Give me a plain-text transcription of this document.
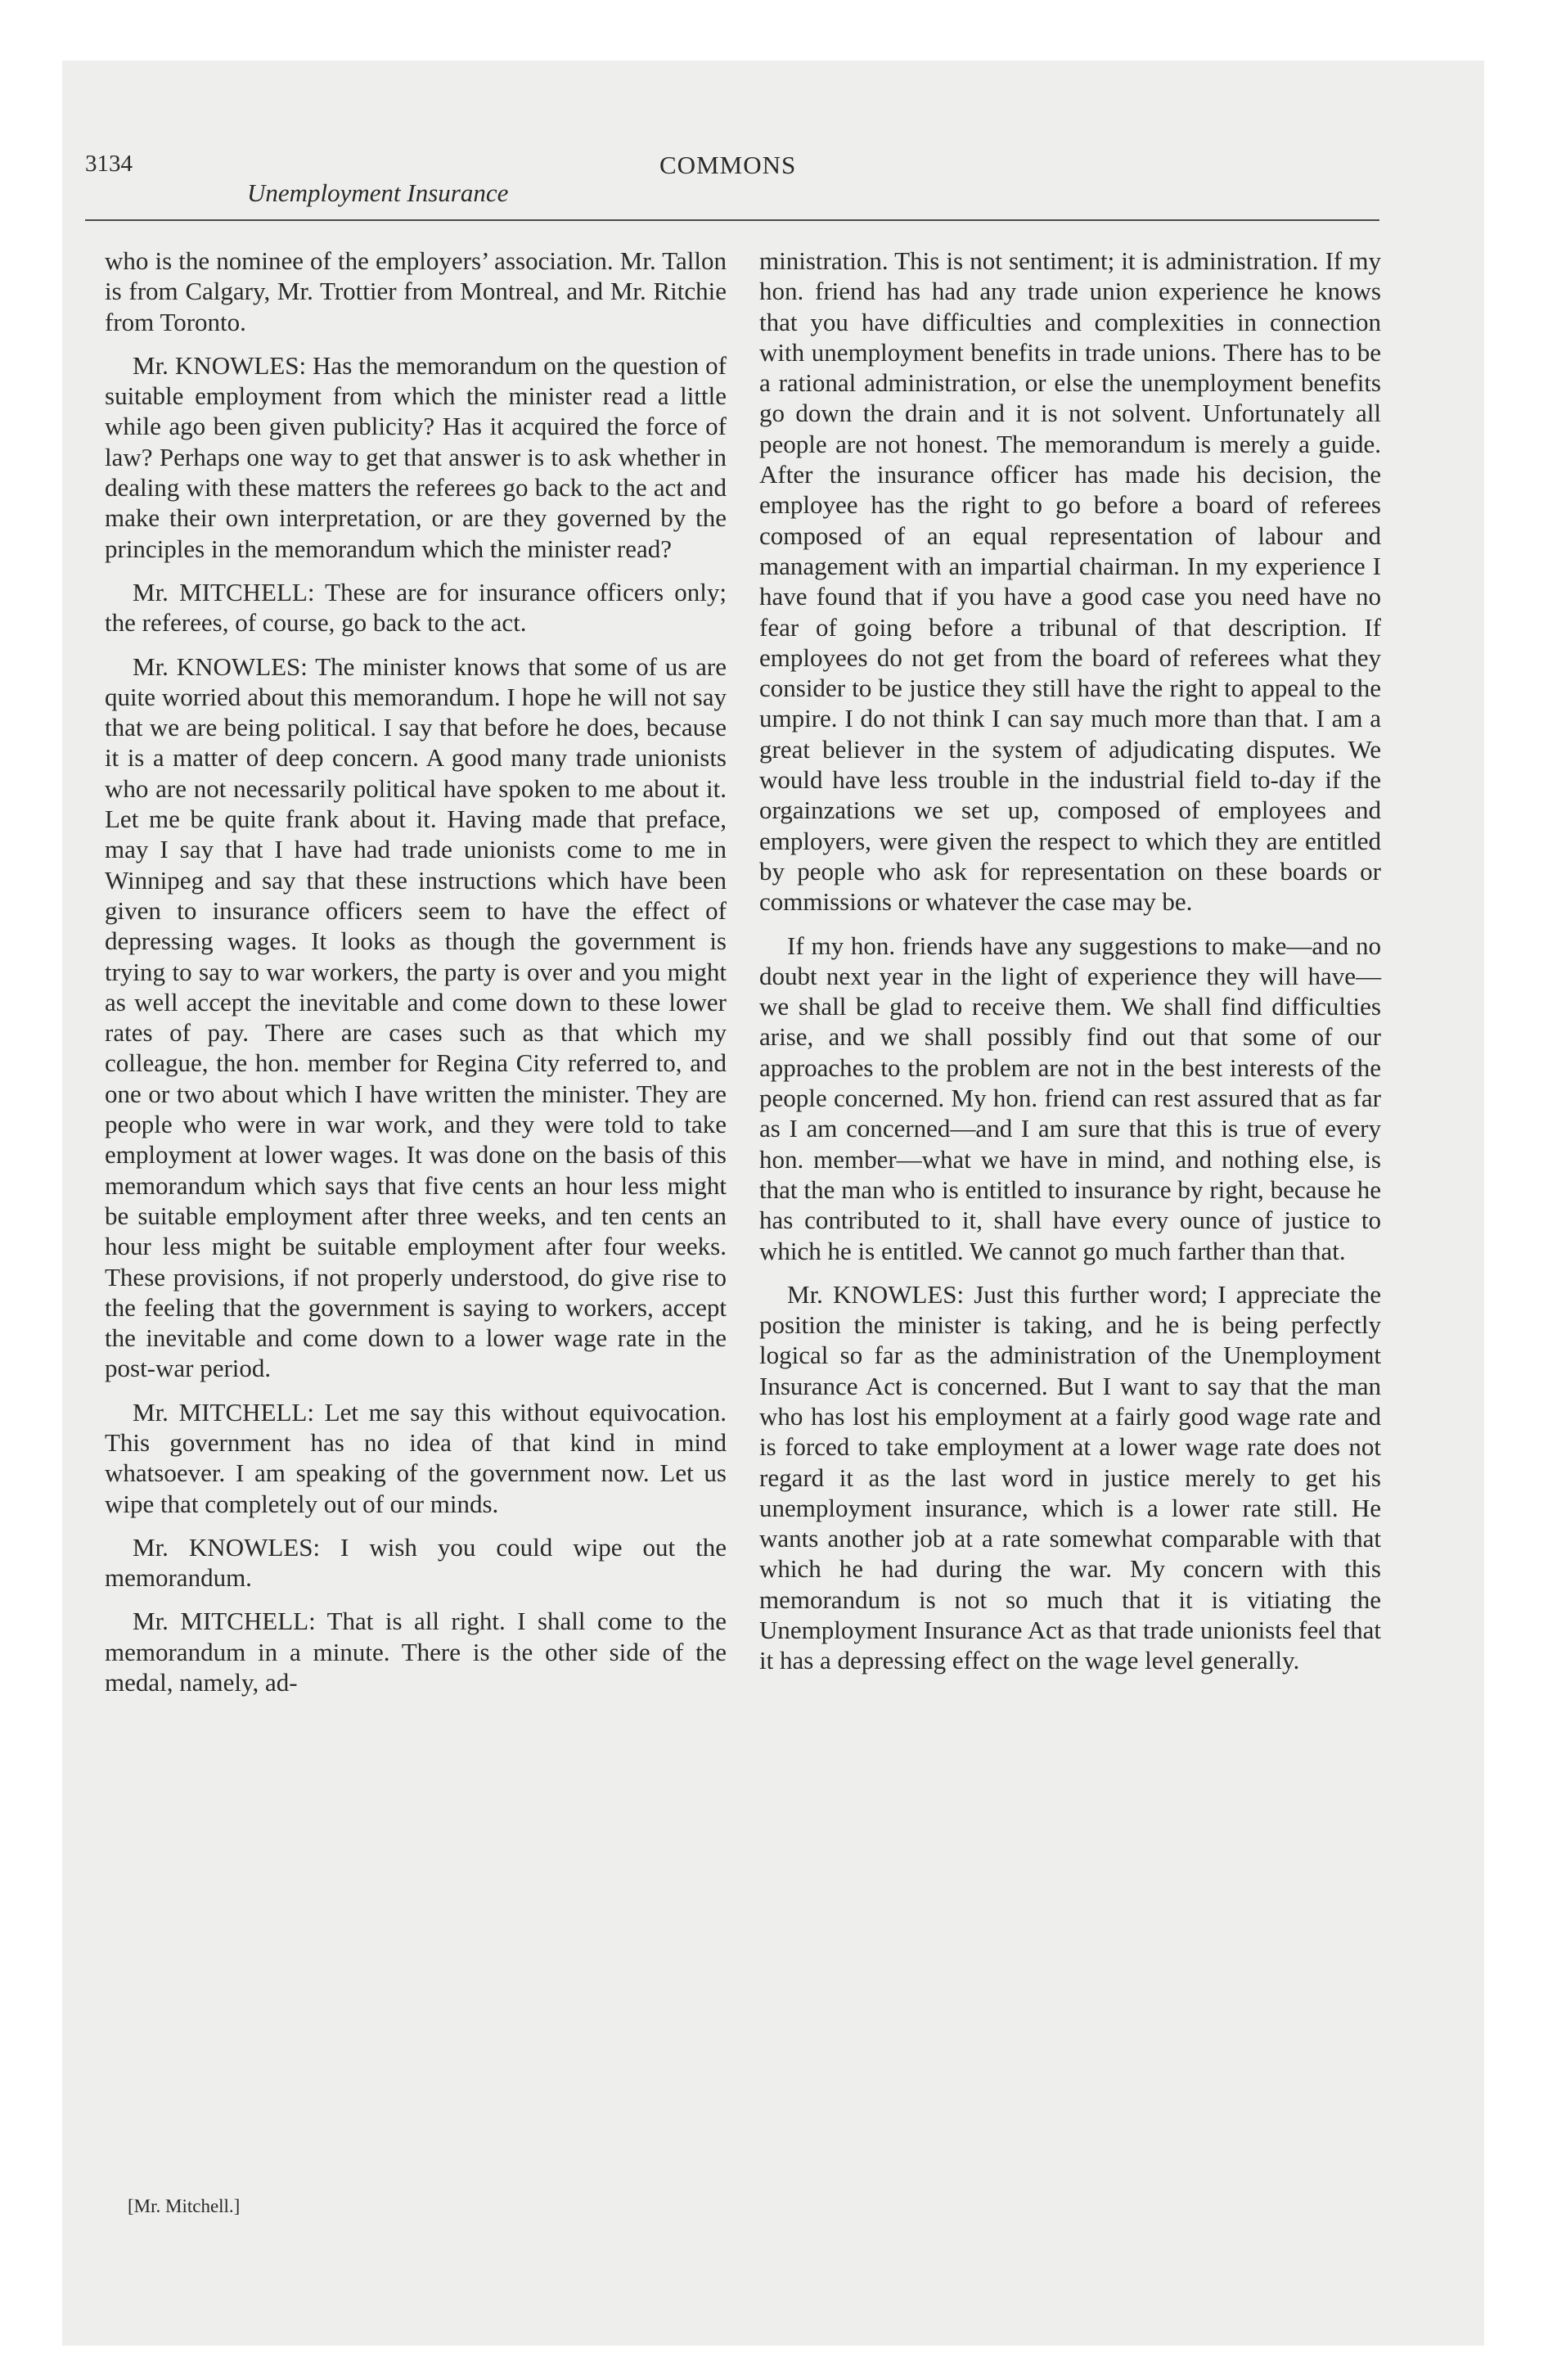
3134

Unemployment Insurance

COMMONS

who is the nominee of the employers’ association. Mr. Tallon is from Calgary, Mr. Trottier from Montreal, and Mr. Ritchie from Toronto.

Mr. KNOWLES: Has the memorandum on the question of suitable employment from which the minister read a little while ago been given publicity? Has it acquired the force of law? Perhaps one way to get that answer is to ask whether in dealing with these matters the referees go back to the act and make their own interpretation, or are they governed by the principles in the memorandum which the minister read?

Mr. MITCHELL: These are for insurance officers only; the referees, of course, go back to the act.

Mr. KNOWLES: The minister knows that some of us are quite worried about this memorandum. I hope he will not say that we are being political. I say that before he does, because it is a matter of deep concern. A good many trade unionists who are not necessarily political have spoken to me about it. Let me be quite frank about it. Having made that preface, may I say that I have had trade unionists come to me in Winnipeg and say that these instructions which have been given to insurance officers seem to have the effect of depressing wages. It looks as though the government is trying to say to war workers, the party is over and you might as well accept the inevitable and come down to these lower rates of pay. There are cases such as that which my colleague, the hon. member for Regina City referred to, and one or two about which I have written the minister. They are people who were in war work, and they were told to take employment at lower wages. It was done on the basis of this memorandum which says that five cents an hour less might be suitable employment after three weeks, and ten cents an hour less might be suitable employment after four weeks. These provisions, if not properly understood, do give rise to the feeling that the government is saying to workers, accept the inevitable and come down to a lower wage rate in the post-war period.

Mr. MITCHELL: Let me say this without equivocation. This government has no idea of that kind in mind whatsoever. I am speaking of the government now. Let us wipe that completely out of our minds.

Mr. KNOWLES: I wish you could wipe out the memorandum.

Mr. MITCHELL: That is all right. I shall come to the memorandum in a minute. There is the other side of the medal, namely, ad-

[Mr. Mitchell.]

ministration. This is not sentiment; it is administration. If my hon. friend has had any trade union experience he knows that you have difficulties and complexities in connection with unemployment benefits in trade unions. There has to be a rational administration, or else the unemployment benefits go down the drain and it is not solvent. Unfortunately all people are not honest. The memorandum is merely a guide. After the insurance officer has made his decision, the employee has the right to go before a board of referees composed of an equal representation of labour and management with an impartial chairman. In my experience I have found that if you have a good case you need have no fear of going before a tribunal of that description. If employees do not get from the board of referees what they consider to be justice they still have the right to appeal to the umpire. I do not think I can say much more than that. I am a great believer in the system of adjudicating disputes. We would have less trouble in the industrial field to-day if the orgainzations we set up, composed of employees and employers, were given the respect to which they are entitled by people who ask for representation on these boards or commissions or whatever the case may be.

If my hon. friends have any suggestions to make—and no doubt next year in the light of experience they will have—we shall be glad to receive them. We shall find difficulties arise, and we shall possibly find out that some of our approaches to the problem are not in the best interests of the people concerned. My hon. friend can rest assured that as far as I am concerned—and I am sure that this is true of every hon. member—what we have in mind, and nothing else, is that the man who is entitled to insurance by right, because he has contributed to it, shall have every ounce of justice to which he is entitled. We cannot go much farther than that.

Mr. KNOWLES: Just this further word; I appreciate the position the minister is taking, and he is being perfectly logical so far as the administration of the Unemployment Insurance Act is concerned. But I want to say that the man who has lost his employment at a fairly good wage rate and is forced to take employment at a lower wage rate does not regard it as the last word in justice merely to get his unemployment insurance, which is a lower rate still. He wants another job at a rate somewhat comparable with that which he had during the war. My concern with this memorandum is not so much that it is vitiating the Unemployment Insurance Act as that trade unionists feel that it has a depressing effect on the wage level generally.
